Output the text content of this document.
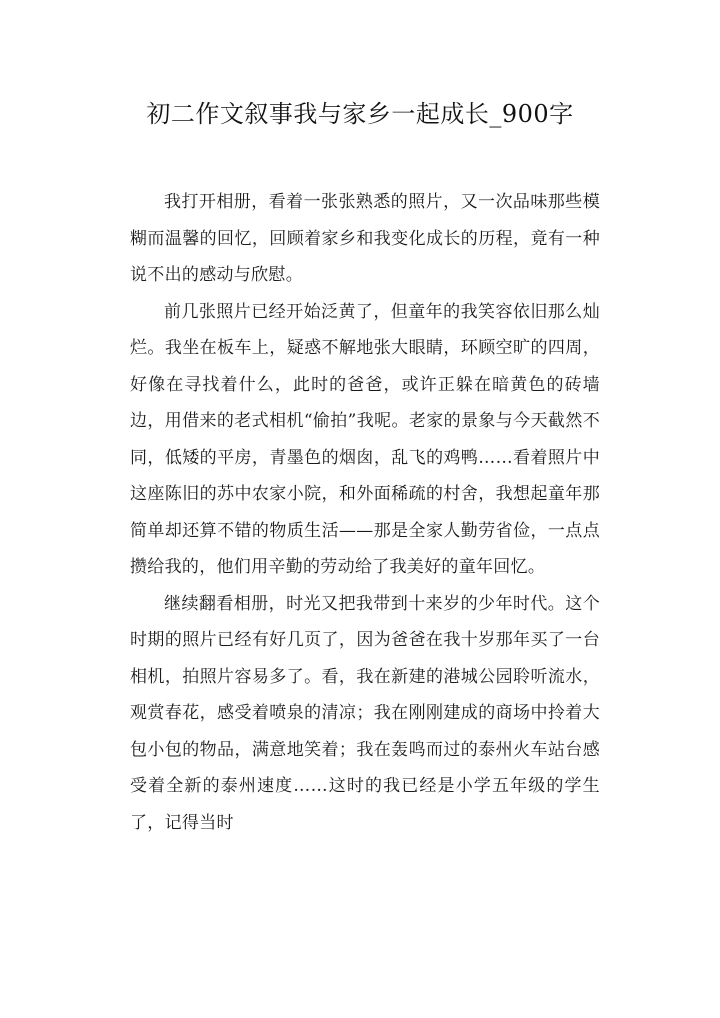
初二作文叙事我与家乡一起成长_900字

我打开相册，看着一张张熟悉的照片，又一次品味那些模糊而温馨的回忆，回顾着家乡和我变化成长的历程，竟有一种说不出的感动与欣慰。

前几张照片已经开始泛黄了，但童年的我笑容依旧那么灿烂。我坐在板车上，疑惑不解地张大眼睛，环顾空旷的四周，好像在寻找着什么，此时的爸爸，或许正躲在暗黄色的砖墙边，用借来的老式相机“偷拍”我呢。老家的景象与今天截然不同，低矮的平房，青墨色的烟囱，乱飞的鸡鸭……看着照片中这座陈旧的苏中农家小院，和外面稀疏的村舍，我想起童年那简单却还算不错的物质生活——那是全家人勤劳省俭，一点点攒给我的，他们用辛勤的劳动给了我美好的童年回忆。

继续翻看相册，时光又把我带到十来岁的少年时代。这个时期的照片已经有好几页了，因为爸爸在我十岁那年买了一台相机，拍照片容易多了。看，我在新建的港城公园聆听流水，观赏春花，感受着喷泉的清凉；我在刚刚建成的商场中拎着大包小包的物品，满意地笑着；我在轰鸣而过的泰州火车站台感受着全新的泰州速度……这时的我已经是小学五年级的学生了，记得当时
